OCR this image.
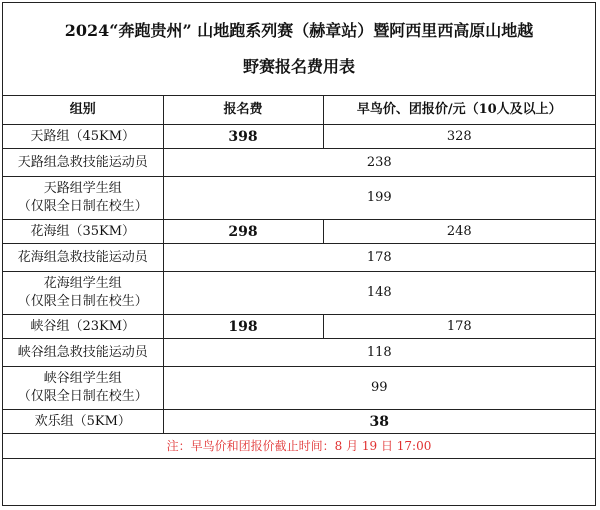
2024“奔跑贵州” 山地跑系列赛（赫章站）暨阿西里西高原山地越
野赛报名费用表
组别	报名费	早鸟价、团报价/元（10人及以上）
天路组（45KM）	398	328
天路组急救技能运动员	238	

天路组学生组
（仅限全日制在校生）	199	
花海组（35KM）	298	248
花海组急救技能运动员	178	

花海组学生组
（仅限全日制在校生）	148	
峡谷组（23KM）	198	178
峡谷组急救技能运动员	118	

峡谷组学生组
（仅限全日制在校生）	99	
欢乐组（5KM）	38	
注：早鸟价和团报价截止时间：8 月 19 日 17:00		
